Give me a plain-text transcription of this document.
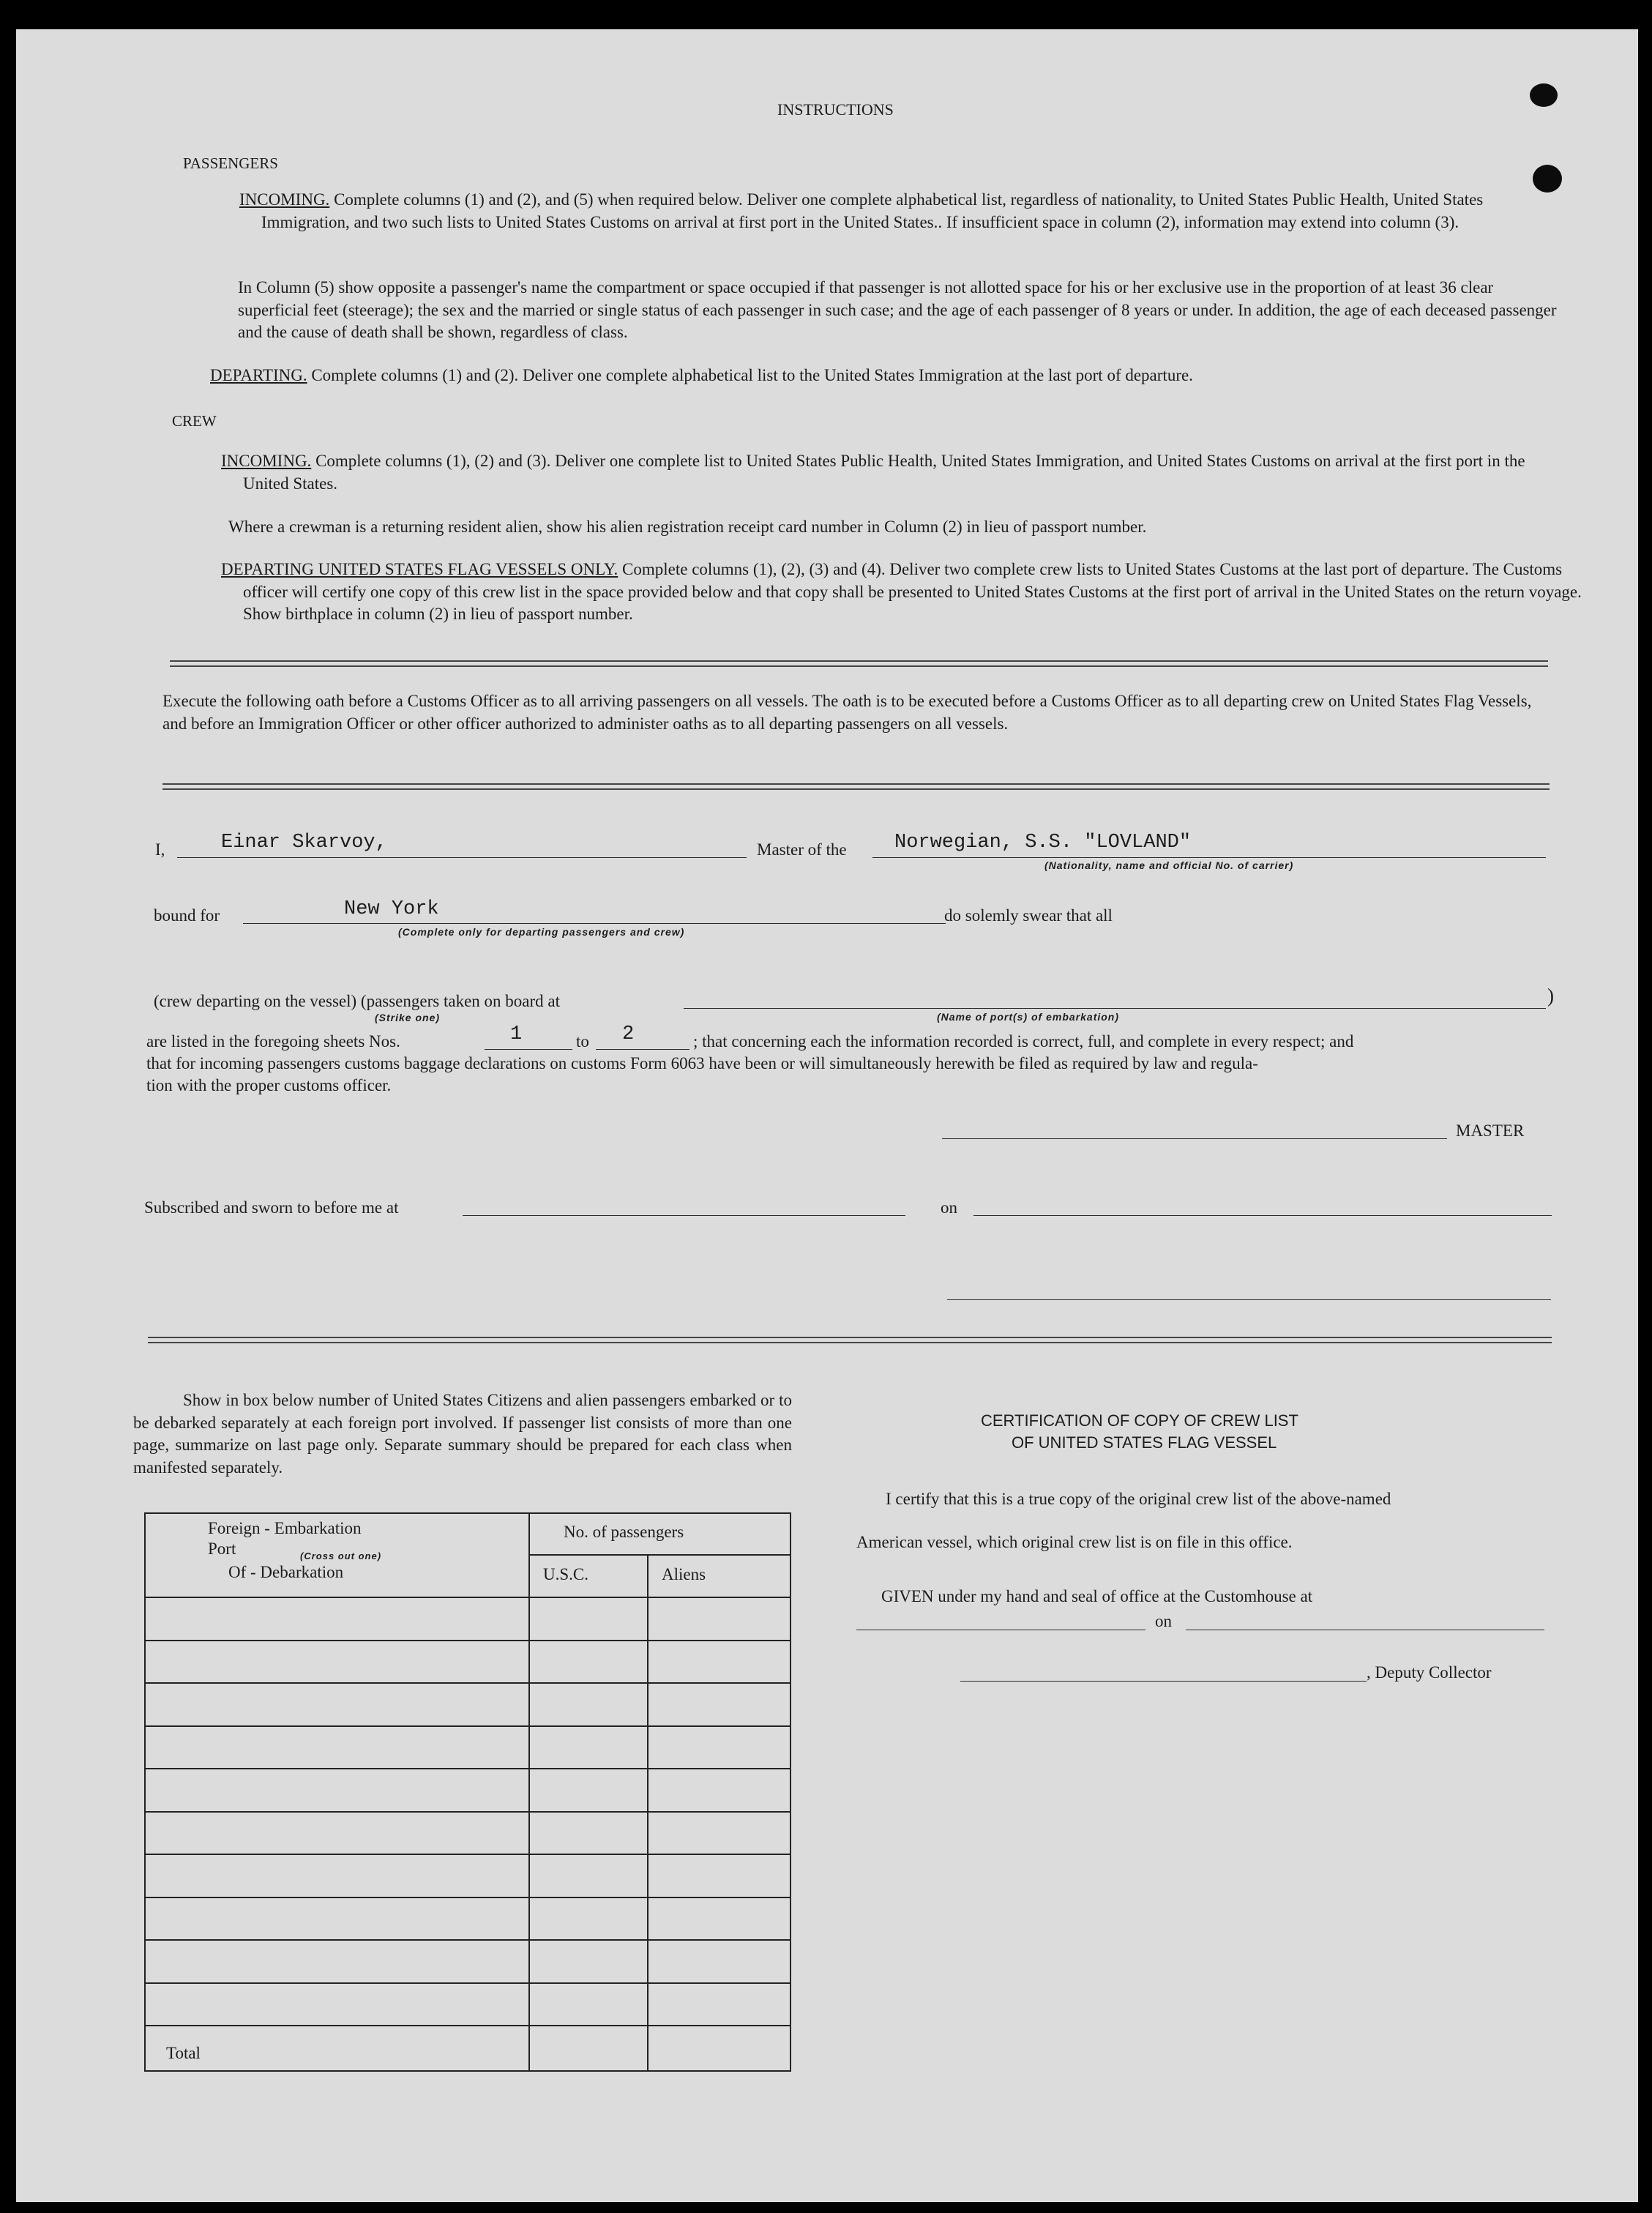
INSTRUCTIONS
PASSENGERS
INCOMING. Complete columns (1) and (2), and (5) when required below. Deliver one complete alphabetical list, regardless of nationality, to United States Public Health, United States Immigration, and two such lists to United States Customs on arrival at first port in the United States.. If insufficient space in column (2), information may extend into column (3).
In Column (5) show opposite a passenger's name the compartment or space occupied if that passenger is not allotted space for his or her exclusive use in the proportion of at least 36 clear superficial feet (steerage); the sex and the married or single status of each passenger in such case; and the age of each passenger of 8 years or under. In addition, the age of each deceased passenger and the cause of death shall be shown, regardless of class.
DEPARTING. Complete columns (1) and (2). Deliver one complete alphabetical list to the United States Immigration at the last port of departure.
CREW
INCOMING. Complete columns (1), (2) and (3). Deliver one complete list to United States Public Health, United States Immigration, and United States Customs on arrival at the first port in the United States.
Where a crewman is a returning resident alien, show his alien registration receipt card number in Column (2) in lieu of passport number.
DEPARTING UNITED STATES FLAG VESSELS ONLY. Complete columns (1), (2), (3) and (4). Deliver two complete crew lists to United States Customs at the last port of departure. The Customs officer will certify one copy of this crew list in the space provided below and that copy shall be presented to United States Customs at the first port of arrival in the United States on the return voyage. Show birthplace in column (2) in lieu of passport number.
Execute the following oath before a Customs Officer as to all arriving passengers on all vessels. The oath is to be executed before a Customs Officer as to all departing crew on United States Flag Vessels, and before an Immigration Officer or other officer authorized to administer oaths as to all departing passengers on all vessels.
I,	Einar Skarvoy,	Master of the Norwegian, S.S. "LOVLAND"
(Nationality, name and official No. of carrier)
bound for	New York
(Complete only for departing passengers and crew)
do solemly swear that all
(crew departing on the vessel) (passengers taken on board at
(Strike one)
)
(Name of port(s) of embarkation)
are listed in the foregoing sheets Nos.	1	to 2	; that concerning each the information recorded is correct, full, and complete in every respect; and
that for incoming passengers customs baggage declarations on customs Form 6063 have been or will simultaneously herewith be filed as required by law and regula-
tion with the proper customs officer.
MASTER
Subscribed and sworn to before me at	on
Show in box below number of United States Citizens and alien passengers embarked or to be debarked separately at each foreign port involved. If passenger list consists of more than one page, summarize on last page only. Separate summary should be prepared for each class when manifested separately.
Foreign - Embarkation
Port	(Cross out one)
Of - Debarkation
No. of passengers
U.S.C.	Aliens
Total
CERTIFICATION OF COPY OF CREW LIST
OF UNITED STATES FLAG VESSEL
I certify that this is a true copy of the original crew list of the above-named
American vessel, which original crew list is on file in this office.
GIVEN under my hand and seal of office at the Customhouse at
on
, Deputy Collector
